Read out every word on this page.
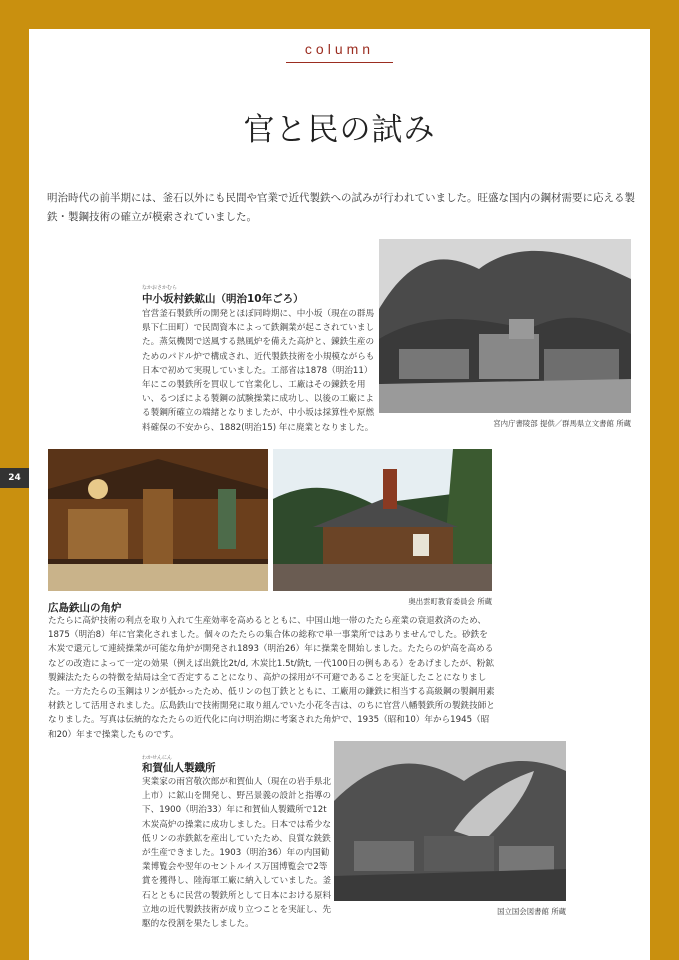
column
官と民の試み
明治時代の前半期には、釜石以外にも民間や官業で近代製鉄への試みが行われていました。旺盛な国内の鋼材需要に応える製鉄・製鋼技術の確立が模索されていました。
なかおさかむら
中小坂村鉄鉱山（明治10年ごろ）
官営釜石製鉄所の開発とほぼ同時期に、中小坂（現在の群馬県下仁田町）で民間資本によって鉄鋼業が起こされていました。蒸気機関で送風する熱風炉を備えた高炉と、錬鉄生産のためのパドル炉で構成され、近代製鉄技術を小規模ながらも日本で初めて実現していました。工部省は1878（明治11）年にこの製鉄所を買収して官業化し、工廠はその錬鉄を用い、るつぼによる製鋼の試験操業に成功し、以後の工廠による製鋼所確立の端緒となりましたが、中小坂は採算性や原燃料確保の不安から、1882(明治15) 年に廃業となりました。	宮内庁書陵部 提供／群馬県立文書館 所蔵
奥出雲町教育委員会 所蔵
広島鉄山の角炉
たたらに高炉技術の利点を取り入れて生産効率を高めるとともに、中国山地一帯のたたら産業の衰退救済のため、1875（明治8）年に官業化されました。個々のたたらの集合体の総称で単一事業所ではありませんでした。砂鉄を木炭で還元して連続操業が可能な角炉が開発され1893（明治26）年に操業を開始しました。たたらの炉高を高めるなどの改造によって一定の効果（例えば出銑比2t/d, 木炭比1.5t/銑t, 一代100日の例もある）をあげましたが、粉鉱製錬法たたらの特徴を結局は全て否定することになり、高炉の採用が不可避であることを実証したことになりました。一方たたらの玉鋼はリンが低かったため、低リンの包丁鉄とともに、工廠用の鎌鉄に相当する高級鋼の製鋼用素材鉄として活用されました。広島鉄山で技術開発に取り組んでいた小花冬吉は、のちに官営八幡製鉄所の製銑技師となりました。写真は伝統的なたたらの近代化に向け明治期に考案された角炉で、1935（昭和10）年から1945（昭和20）年まで操業したものです。
わかせんにん
和賀仙人製鐡所
実業家の雨宮敬次郎が和賀仙人（現在の岩手県北上市）に鉱山を開発し、野呂景義の設計と指導の下、1900（明治33）年に和賀仙人製鐡所で12t木炭高炉の操業に成功しました。日本では希少な低リンの赤鉄鉱を産出していたため、良質な銑鉄が生産できました。1903（明治36）年の内国勧業博覧会や翌年のセントルイス万国博覧会で2等賞を獲得し、陸海軍工廠に納入していました。釜石とともに民営の製鉄所として日本における原料立地の近代製鉄技術が成り立つことを実証し、先駆的な役割を果たしました。
国立国会図書館 所蔵
24
